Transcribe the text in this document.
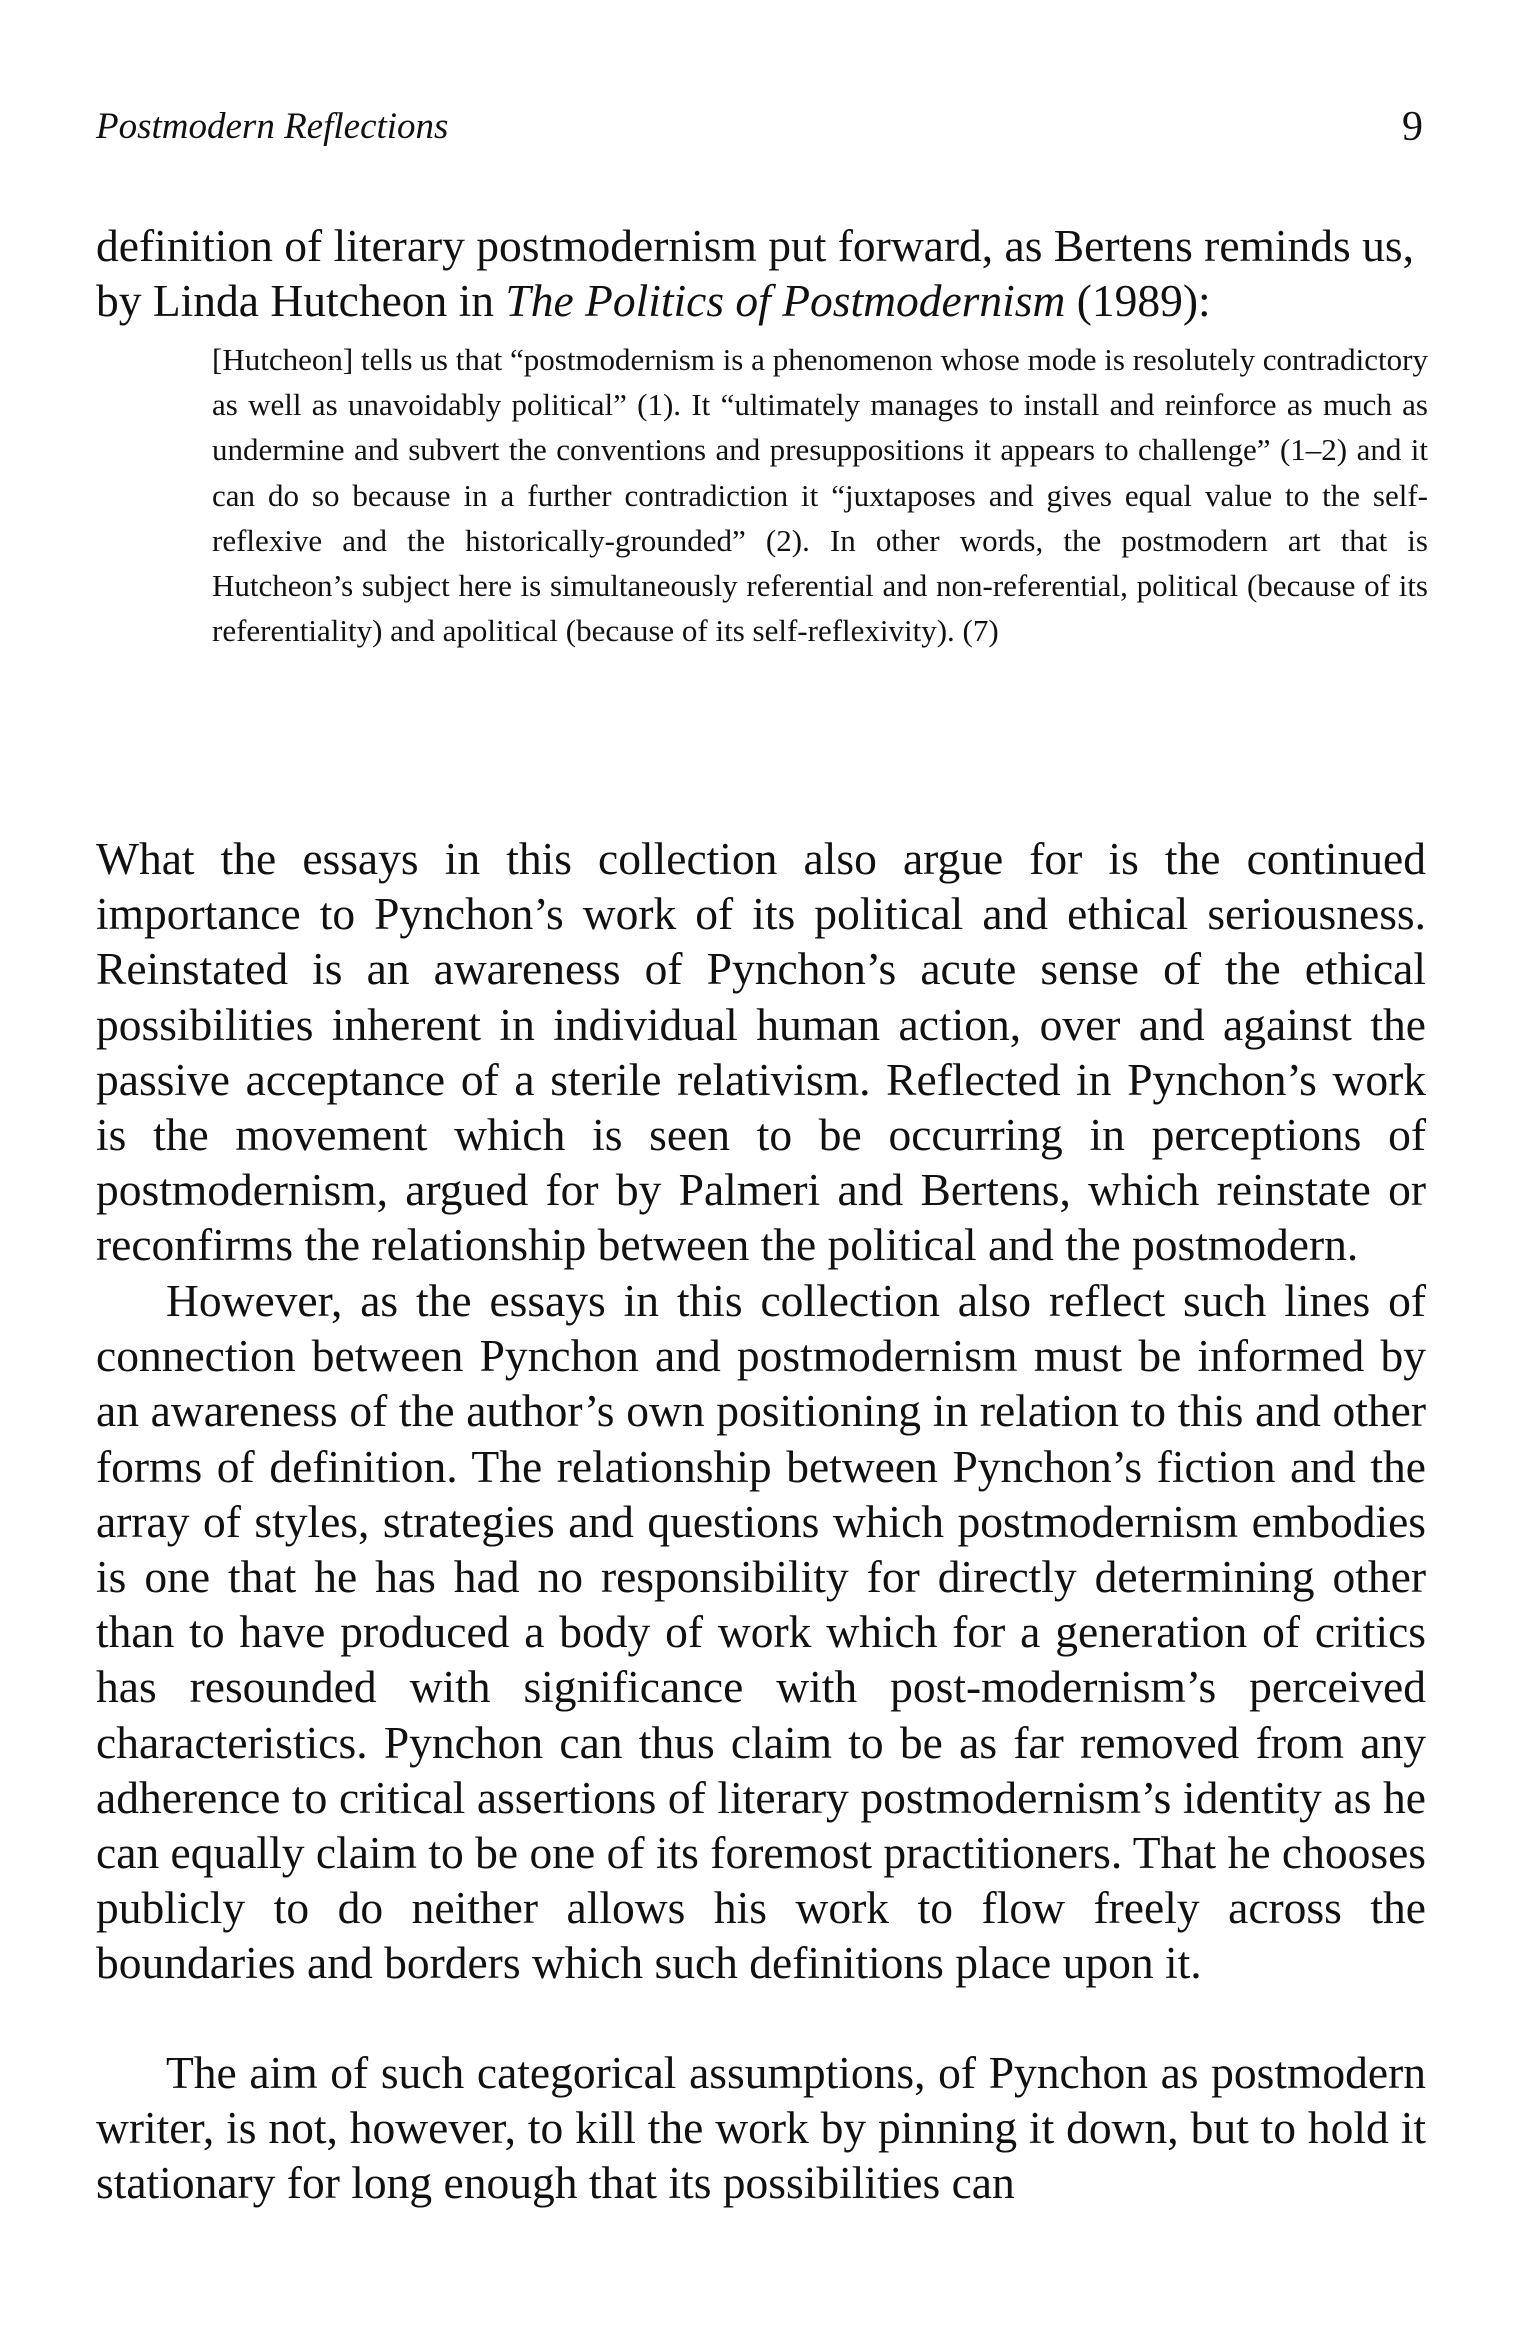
Postmodern Reflections	9

definition of literary postmodernism put forward, as Bertens reminds us, by Linda Hutcheon in The Politics of Postmodernism (1989):

[Hutcheon] tells us that “postmodernism is a phenomenon whose mode is resolutely contradictory as well as unavoidably political” (1). It “ultimately manages to install and reinforce as much as undermine and subvert the conventions and presuppositions it appears to challenge” (1–2) and it can do so because in a further contradiction it “juxtaposes and gives equal value to the self-reflexive and the historically-grounded” (2). In other words, the postmodern art that is Hutcheon’s subject here is simultaneously referential and non-referential, political (because of its referentiality) and apolitical (because of its self-reflexivity). (7)

What the essays in this collection also argue for is the continued importance to Pynchon’s work of its political and ethical seriousness. Reinstated is an awareness of Pynchon’s acute sense of the ethical possibilities inherent in individual human action, over and against the passive acceptance of a sterile relativism. Reflected in Pynchon’s work is the movement which is seen to be occurring in perceptions of postmodernism, argued for by Palmeri and Bertens, which reinstate or reconfirms the relationship between the political and the postmodern.

However, as the essays in this collection also reflect such lines of connection between Pynchon and postmodernism must be informed by an awareness of the author’s own positioning in relation to this and other forms of definition. The relationship between Pynchon’s fiction and the array of styles, strategies and questions which postmodernism embodies is one that he has had no responsibility for directly determining other than to have produced a body of work which for a generation of critics has resounded with significance with post-modernism’s perceived characteristics. Pynchon can thus claim to be as far removed from any adherence to critical assertions of literary postmodernism’s identity as he can equally claim to be one of its foremost practitioners. That he chooses publicly to do neither allows his work to flow freely across the boundaries and borders which such definitions place upon it.

The aim of such categorical assumptions, of Pynchon as postmodern writer, is not, however, to kill the work by pinning it down, but to hold it stationary for long enough that its possibilities can
